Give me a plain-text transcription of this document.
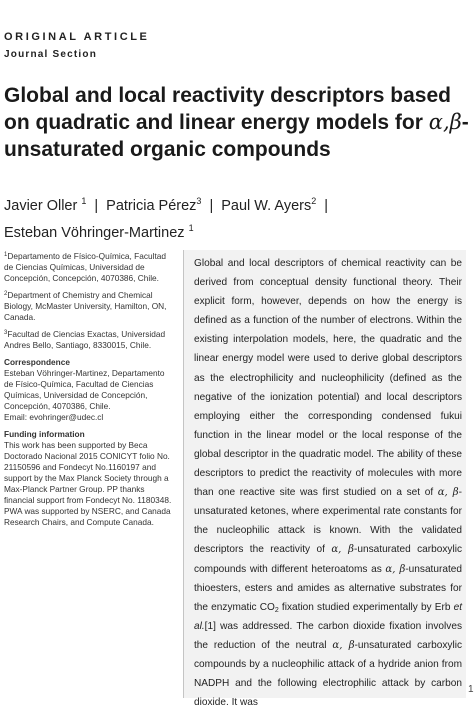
ORIGINAL ARTICLE
Journal Section
Global and local reactivity descriptors based on quadratic and linear energy models for α,β-unsaturated organic compounds
Javier Oller $^1$ | Patricia Pérez$^3$ | Paul W. Ayers$^2$ |
Esteban Vöhringer-Martinez $^1$
$^1$Departamento de Físico-Química, Facultad de Ciencias Químicas, Universidad de Concepción, Concepción, 4070386, Chile.
$^2$Department of Chemistry and Chemical Biology, McMaster University, Hamilton, ON, Canada.
$^3$Facultad de Ciencias Exactas, Universidad Andres Bello, Santiago, 8330015, Chile.
Correspondence
Esteban Vöhringer-Martinez, Departamento de Físico-Química, Facultad de Ciencias Químicas, Universidad de Concepción, Concepción, 4070386, Chile.
Email: evohringer@udec.cl
Funding information
This work has been supported by Beca Doctorado Nacional 2015 CONICYT folio No. 21150596 and Fondecyt No.1160197 and support by the Max Planck Society through a Max-Planck Partner Group. PP thanks financial support from Fondecyt No. 1180348. PWA was supported by NSERC, and Canada Research Chairs, and Compute Canada.
Global and local descriptors of chemical reactivity can be derived from conceptual density functional theory. Their explicit form, however, depends on how the energy is defined as a function of the number of electrons. Within the existing interpolation models, here, the quadratic and the linear energy model were used to derive global descriptors as the electrophilicity and nucleophilicity (defined as the negative of the ionization potential) and local descriptors employing either the corresponding condensed fukui function in the linear model or the local response of the global descriptor in the quadratic model. The ability of these descriptors to predict the reactivity of molecules with more than one reactive site was first studied on a set of α, β-unsaturated ketones, where experimental rate constants for the nucleophilic attack is known. With the validated descriptors the reactivity of α, β-unsaturated carboxylic compounds with different heteroatoms as α, β-unsaturated thioesters, esters and amides as alternative substrates for the enzymatic $CO_2$ fixation studied experimentally by Erb et al.[1] was addressed. The carbon dioxide fixation involves the reduction of the neutral α, β-unsaturated carboxylic compounds by a nucleophilic attack of a hydride anion from NADPH and the following electrophilic attack by carbon dioxide. It was
1
